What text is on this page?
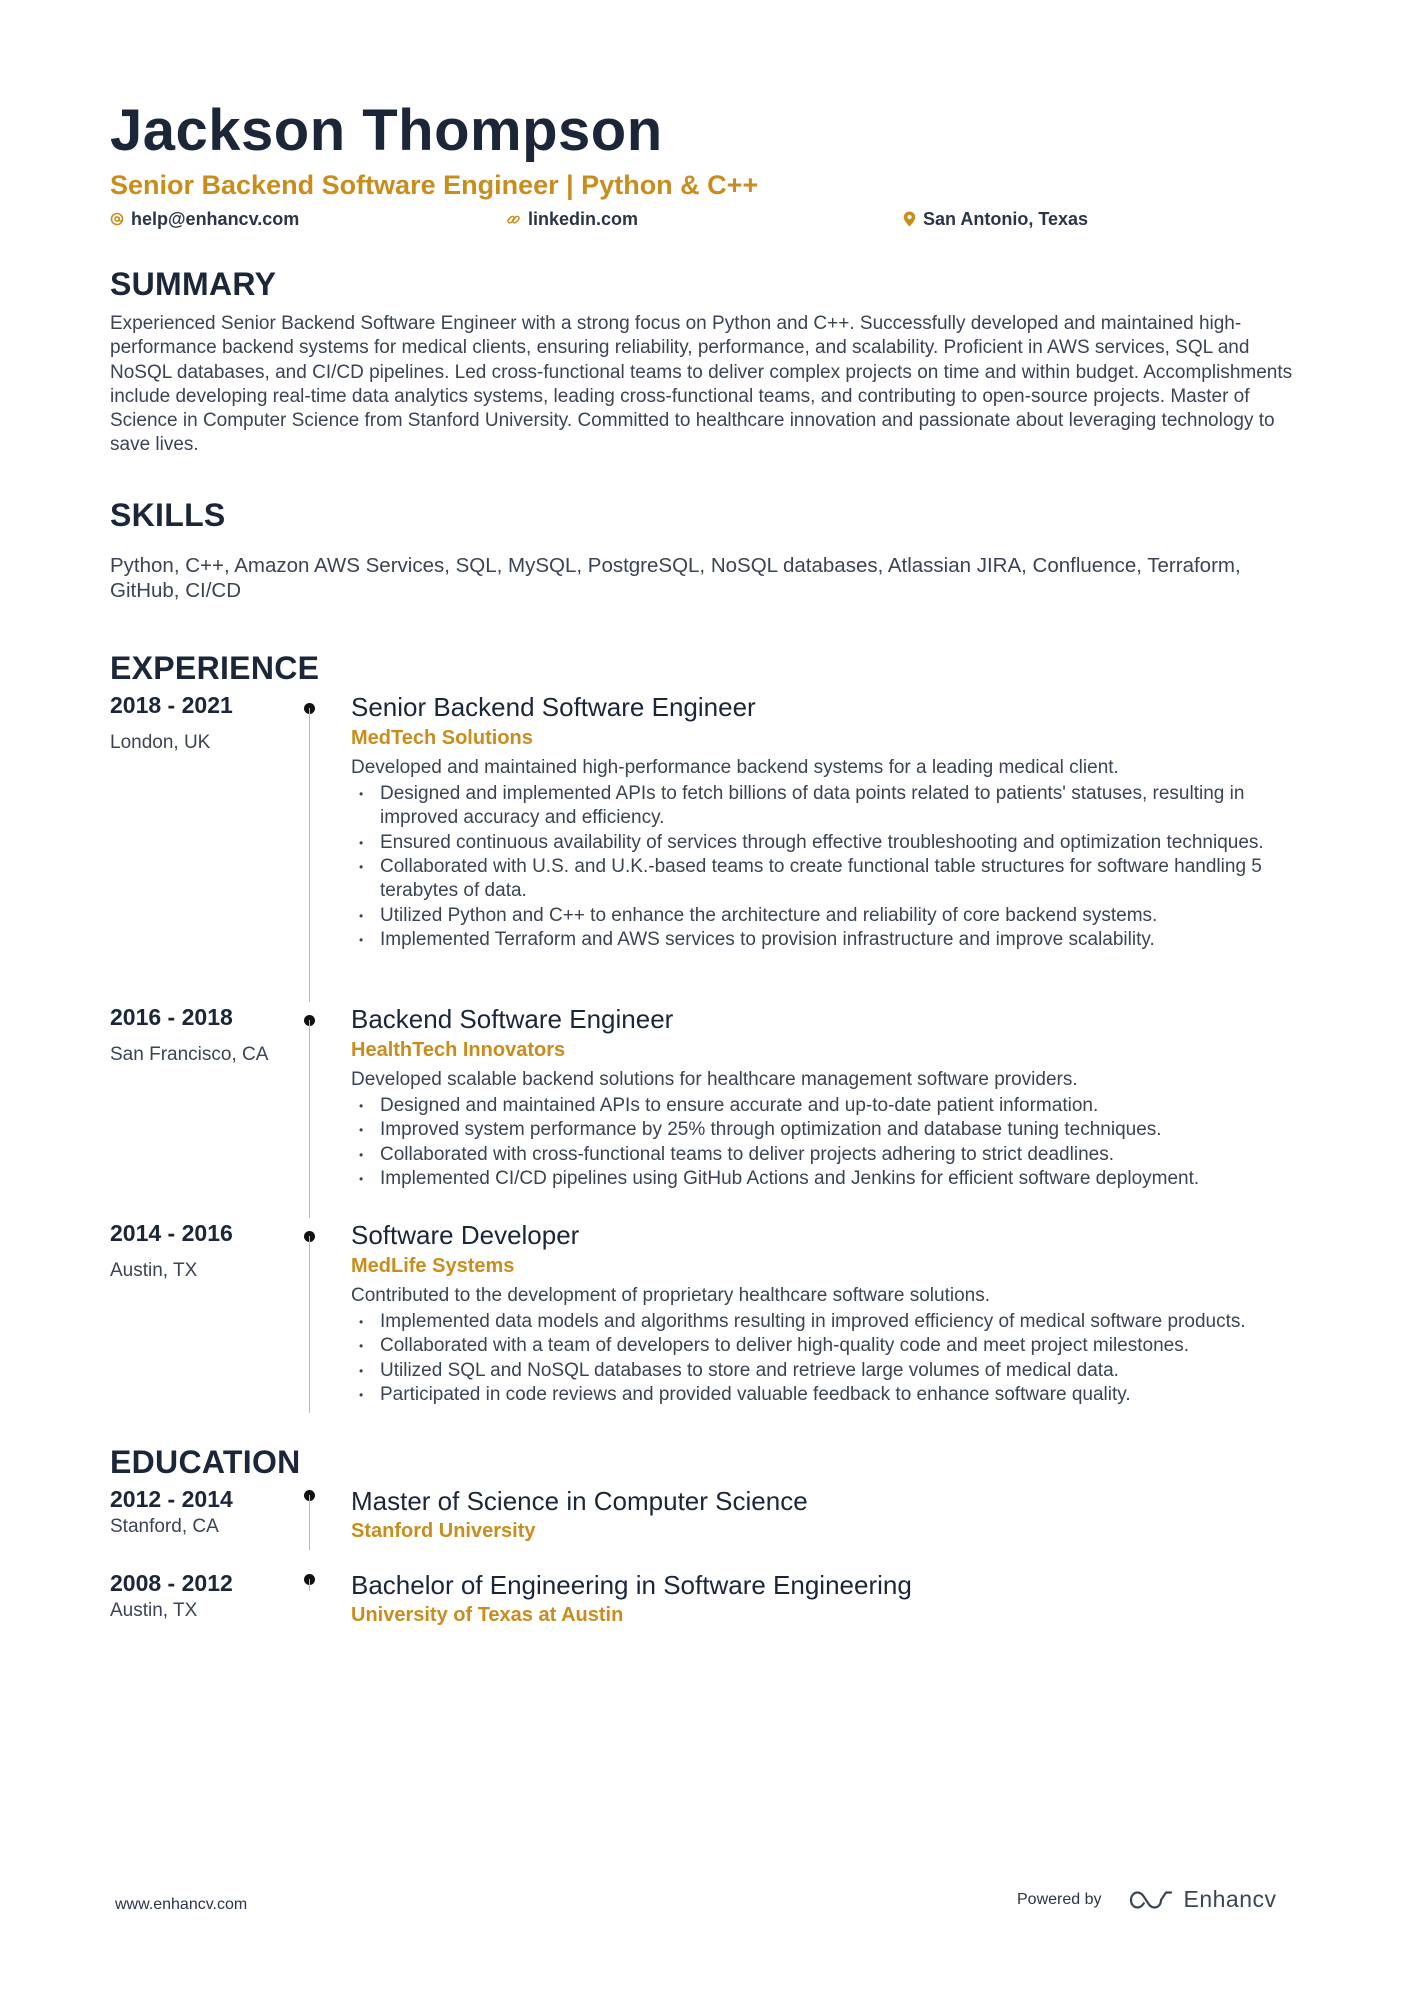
Jackson Thompson
Senior Backend Software Engineer | Python & C++
help@enhancv.com	linkedin.com	San Antonio, Texas
SUMMARY

Experienced Senior Backend Software Engineer with a strong focus on Python and C++. Successfully developed and maintained high-performance backend systems for medical clients, ensuring reliability, performance, and scalability. Proficient in AWS services, SQL and NoSQL databases, and CI/CD pipelines. Led cross-functional teams to deliver complex projects on time and within budget. Accomplishments include developing real-time data analytics systems, leading cross-functional teams, and contributing to open-source projects. Master of Science in Computer Science from Stanford University. Committed to healthcare innovation and passionate about leveraging technology to save lives.

SKILLS

Python, C++, Amazon AWS Services, SQL, MySQL, PostgreSQL, NoSQL databases, Atlassian JIRA, Confluence, Terraform, GitHub, CI/CD

EXPERIENCE
2018 - 2021
London, UK
Senior Backend Software Engineer
MedTech Solutions
Developed and maintained high-performance backend systems for a leading medical client.
• Designed and implemented APIs to fetch billions of data points related to patients' statuses, resulting in improved accuracy and efficiency.
• Ensured continuous availability of services through effective troubleshooting and optimization techniques.
• Collaborated with U.S. and U.K.-based teams to create functional table structures for software handling 5 terabytes of data.
• Utilized Python and C++ to enhance the architecture and reliability of core backend systems.
• Implemented Terraform and AWS services to provision infrastructure and improve scalability.
2016 - 2018
San Francisco, CA
Backend Software Engineer
HealthTech Innovators
Developed scalable backend solutions for healthcare management software providers.
• Designed and maintained APIs to ensure accurate and up-to-date patient information.
• Improved system performance by 25% through optimization and database tuning techniques.
• Collaborated with cross-functional teams to deliver projects adhering to strict deadlines.
• Implemented CI/CD pipelines using GitHub Actions and Jenkins for efficient software deployment.
2014 - 2016
Austin, TX
Software Developer
MedLife Systems
Contributed to the development of proprietary healthcare software solutions.
• Implemented data models and algorithms resulting in improved efficiency of medical software products.
• Collaborated with a team of developers to deliver high-quality code and meet project milestones.
• Utilized SQL and NoSQL databases to store and retrieve large volumes of medical data.
• Participated in code reviews and provided valuable feedback to enhance software quality.
EDUCATION
2012 - 2014
Stanford, CA
Master of Science in Computer Science
Stanford University
2008 - 2012
Austin, TX
Bachelor of Engineering in Software Engineering
University of Texas at Austin
www.enhancv.com	Powered by	Enhancv
